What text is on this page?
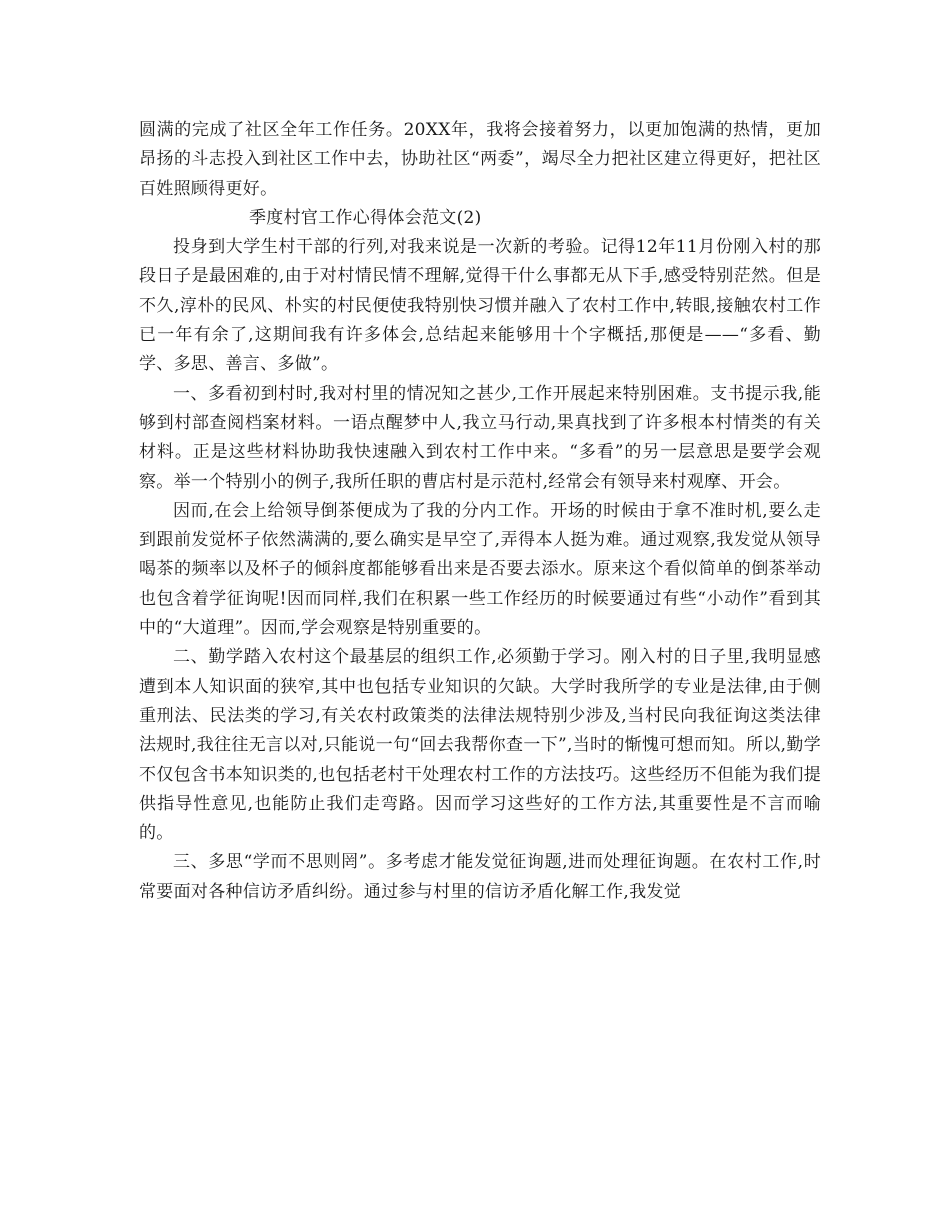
圆满的完成了社区全年工作任务。20XX年，我将会接着努力，以更加饱满的热情，更加昂扬的斗志投入到社区工作中去，协助社区“两委”，竭尽全力把社区建立得更好，把社区百姓照顾得更好。

季度村官工作心得体会范文(2)

投身到大学生村干部的行列,对我来说是一次新的考验。记得12年11月份刚入村的那段日子是最困难的,由于对村情民情不理解,觉得干什么事都无从下手,感受特别茫然。但是不久,淳朴的民风、朴实的村民便使我特别快习惯并融入了农村工作中,转眼,接触农村工作已一年有余了,这期间我有许多体会,总结起来能够用十个字概括,那便是——“多看、勤学、多思、善言、多做”。

一、多看初到村时,我对村里的情况知之甚少,工作开展起来特别困难。支书提示我,能够到村部查阅档案材料。一语点醒梦中人,我立马行动,果真找到了许多根本村情类的有关材料。正是这些材料协助我快速融入到农村工作中来。“多看”的另一层意思是要学会观察。举一个特别小的例子,我所任职的曹店村是示范村,经常会有领导来村观摩、开会。

因而,在会上给领导倒茶便成为了我的分内工作。开场的时候由于拿不准时机,要么走到跟前发觉杯子依然满满的,要么确实是早空了,弄得本人挺为难。通过观察,我发觉从领导喝茶的频率以及杯子的倾斜度都能够看出来是否要去添水。原来这个看似简单的倒茶举动也包含着学征询呢!因而同样,我们在积累一些工作经历的时候要通过有些“小动作”看到其中的“大道理”。因而,学会观察是特别重要的。

二、勤学踏入农村这个最基层的组织工作,必须勤于学习。刚入村的日子里,我明显感遭到本人知识面的狭窄,其中也包括专业知识的欠缺。大学时我所学的专业是法律,由于侧重刑法、民法类的学习,有关农村政策类的法律法规特别少涉及,当村民向我征询这类法律法规时,我往往无言以对,只能说一句“回去我帮你查一下”,当时的惭愧可想而知。所以,勤学不仅包含书本知识类的,也包括老村干处理农村工作的方法技巧。这些经历不但能为我们提供指导性意见,也能防止我们走弯路。因而学习这些好的工作方法,其重要性是不言而喻的。

三、多思“学而不思则罔”。多考虑才能发觉征询题,进而处理征询题。在农村工作,时常要面对各种信访矛盾纠纷。通过参与村里的信访矛盾化解工作,我发觉
